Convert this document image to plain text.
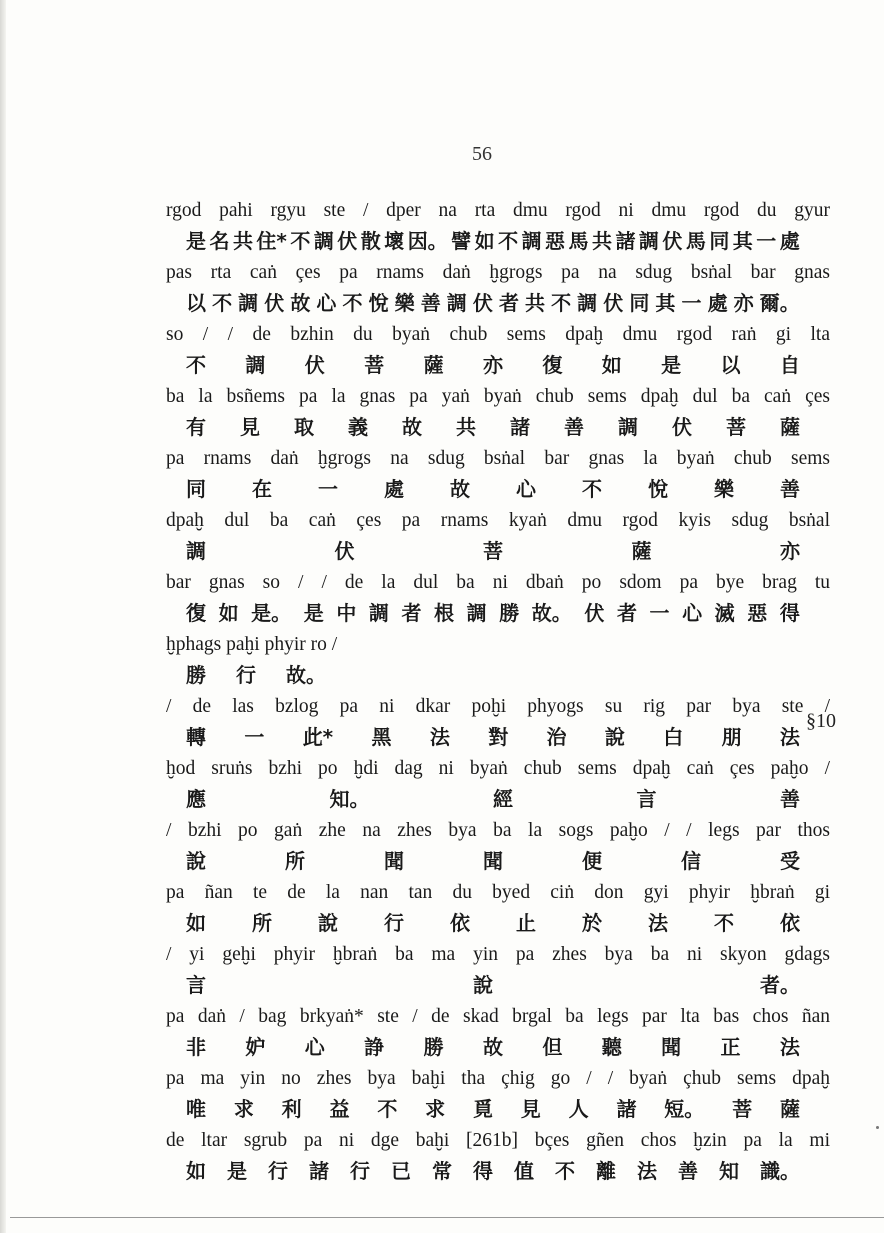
56
rgod pahi rgyu ste / dper na rta dmu rgod ni dmu rgod du gyur
是 名 共 住* 不 調 伏 散 壞 因。 譬 如 不 調 惡 馬 共 諸 調 伏 馬 同 其 一 處
pas rta caṅ çes pa rnams daṅ ḫgrogs pa na sdug bsṅal bar gnas
以 不 調 伏 故 心 不 悅 樂 善 調 伏 者 共 不 調 伏 同 其 一 處 亦 爾。
so / / de bzhin du byaṅ chub sems dpaḫ dmu rgod raṅ gi lta
不 調 伏 菩 薩 亦 復 如 是 以 自
ba la bsñems pa la gnas pa yaṅ byaṅ chub sems dpaḫ dul ba caṅ çes
有 見 取 義 故 共 諸 善 調 伏 菩 薩
pa rnams daṅ ḫgrogs na sdug bsṅal bar gnas la byaṅ chub sems
同 在 一 處 故 心 不 悅 樂 善
dpaḫ dul ba caṅ çes pa rnams kyaṅ dmu rgod kyis sdug bsṅal
調	伏	菩	薩	亦
bar gnas so / / de la dul ba ni dbaṅ po sdom pa bye brag tu
復 如 是。 是 中 調 者 根 調 勝 故。 伏 者 一 心 滅 惡 得
ḫphags paḫi phyir ro /
勝 行 故。
/ de las bzlog pa ni dkar poḫi phyogs su rig par bya ste /
轉 一 此* 黑 法 對 治 說 白 朋 法
ḫod sruṅs bzhi po ḫdi dag ni byaṅ chub sems dpaḫ caṅ çes paḫo /
應	知。	經	言	善
/ bzhi po gaṅ zhe na zhes bya ba la sogs paḫo / / legs par thos
說	所	聞	聞	便	信	受
pa ñan te de la nan tan du byed ciṅ don gyi phyir ḫbraṅ gi
如 所 說 行 依 止 於 法 不 依
/ yi geḫi phyir ḫbraṅ ba ma yin pa zhes bya ba ni skyon gdags
言	說	者。
pa daṅ / bag brkyaṅ* ste / de skad brgal ba legs par lta bas chos ñan
非 妒 心 諍 勝 故 但 聽 聞 正 法
pa ma yin no zhes bya baḫi tha çhig go / / byaṅ çhub sems dpaḫ
唯 求 利 益 不 求 覓 見 人 諸 短。 菩 薩
de ltar sgrub pa ni dge baḫi [261b] bçes gñen chos ḫzin pa la mi
如 是 行 諸 行 已 常 得 值 不 離 法 善 知 識。
§10
